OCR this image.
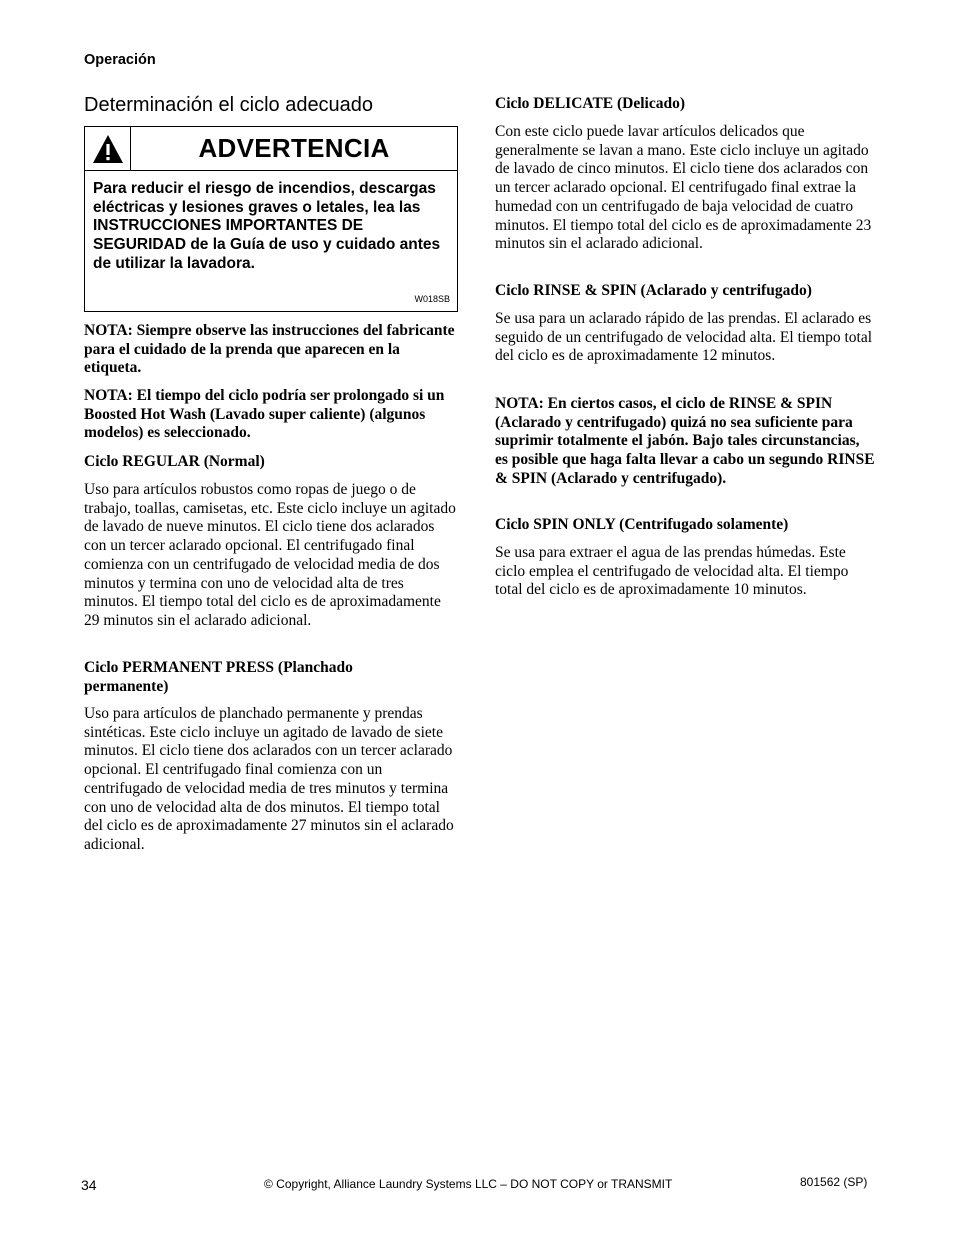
Operación
Determinación el ciclo adecuado
ADVERTENCIA
Para reducir el riesgo de incendios, descargas eléctricas y lesiones graves o letales, lea las INSTRUCCIONES IMPORTANTES DE SEGURIDAD de la Guía de uso y cuidado antes de utilizar la lavadora.
W018SB

NOTA: Siempre observe las instrucciones del fabricante para el cuidado de la prenda que aparecen en la etiqueta.

NOTA: El tiempo del ciclo podría ser prolongado si un Boosted Hot Wash (Lavado super caliente) (algunos modelos) es seleccionado.

Ciclo REGULAR (Normal)

Uso para artículos robustos como ropas de juego o de trabajo, toallas, camisetas, etc. Este ciclo incluye un agitado de lavado de nueve minutos. El ciclo tiene dos aclarados con un tercer aclarado opcional. El centrifugado final comienza con un centrifugado de velocidad media de dos minutos y termina con uno de velocidad alta de tres minutos. El tiempo total del ciclo es de aproximadamente 29 minutos sin el aclarado adicional.

Ciclo PERMANENT PRESS (Planchado permanente)

Uso para artículos de planchado permanente y prendas sintéticas. Este ciclo incluye un agitado de lavado de siete minutos. El ciclo tiene dos aclarados con un tercer aclarado opcional. El centrifugado final comienza con un centrifugado de velocidad media de tres minutos y termina con uno de velocidad alta de dos minutos. El tiempo total del ciclo es de aproximadamente 27 minutos sin el aclarado adicional.

Ciclo DELICATE (Delicado)

Con este ciclo puede lavar artículos delicados que generalmente se lavan a mano. Este ciclo incluye un agitado de lavado de cinco minutos. El ciclo tiene dos aclarados con un tercer aclarado opcional. El centrifugado final extrae la humedad con un centrifugado de baja velocidad de cuatro minutos. El tiempo total del ciclo es de aproximadamente 23 minutos sin el aclarado adicional.

Ciclo RINSE & SPIN (Aclarado y centrifugado)

Se usa para un aclarado rápido de las prendas. El aclarado es seguido de un centrifugado de velocidad alta. El tiempo total del ciclo es de aproximadamente 12 minutos.

NOTA: En ciertos casos, el ciclo de RINSE & SPIN (Aclarado y centrifugado) quizá no sea suficiente para suprimir totalmente el jabón. Bajo tales circunstancias, es posible que haga falta llevar a cabo un segundo RINSE & SPIN (Aclarado y centrifugado).

Ciclo SPIN ONLY (Centrifugado solamente)

Se usa para extraer el agua de las prendas húmedas. Este ciclo emplea el centrifugado de velocidad alta. El tiempo total del ciclo es de aproximadamente 10 minutos.

34	© Copyright, Alliance Laundry Systems LLC – DO NOT COPY or TRANSMIT	801562 (SP)
